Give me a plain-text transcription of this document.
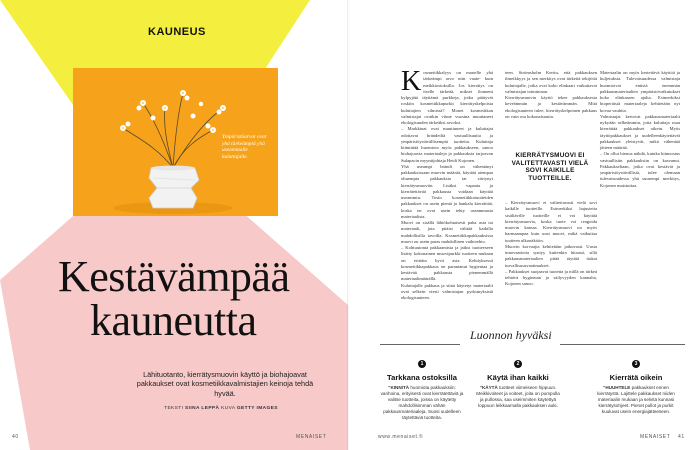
KAUNEUS
Ympäristöarvot ovat yhä tärkeämpiä yhä useammalle kuluttajalle.
Kestävämpää
kauneutta
Lähituotanto, kierrätysmuovin käyttö ja biohajoavat pakkaukset ovat kosmetiikkavalmistajien keinoja tehdä hyvää.
TEKSTI SIINA LEPPÄ KUVA GETTY IMAGES
40	MENAISET
K osmetiikkalyys on monelle yhä tärkeämpi arvo niin vaate- kuin meikkiostoksilla. Jos kierrätys on itselle tärkeää, miksei ilonneni kylpyjätä täyttämä purkkeja, jotka päätyvät roskiin kosmetiikkapurkit kierrätyskelpoisia kuluttajien silmissä? Monet kosmetiikan valmistajat ovatkin viime vuosina muuttaneet ekologisuuden tärkeäksi arvoksi.

– Markkinat ovat muuttuneet ja kuluttajat odottavat brändeiltä vastuullisuutta ja ympäristöystävällisempiä tuotteita. Kuluttaja kiinnittää huomiota myös pakkaukseen, sanoo biohajoavia materiaaleja ja pakkauksia tarjoavan Sulapacin myyntijohtaja Heidi Kojonen.

Yhä useampi brändi on vähentänyt pakkauksissaan muovin määrää, käyttää aiempaa ohuempia pakkauksia tai siirtynyt kierrätysmuoviin. Lisäksi vapaata ja kierrätettävää pakkausta voidaan käyttää useammin. Tosin kosmetiikkatuotteiden pakkaukset on usein pieniä ja hankala kierrättää, koska ne ovat usein tehty useammasta materiaalista.

Muovi on sisällä lähtökohtaisesti paha asia tai materiaali, jota pitäisi välttää kaikilla mahdollisilla tavoilla. Kosmetiikkapakkauksissa muovi on usein paras mahdollinen vaihtoehto.

– Kohtuutonta pakkaamista ja jaiksi tuotteeseen lisätty kokonainen muovipurkki tuotteen mukaan on erittäin hyvä asia. Kehityksessä kosmetiikkapakkaus on parantanut hygieniaa ja kestävää pakkausta pienemmällä materiaalimäärällä.

Kuluttajalle pakkaus ja siinä käytetyt materiaalit ovat selkein viesti valmistajan pyrkimyksistä ekologisuuteen.

teen. Strömsholm Kerttu, että pakkauksen ilmeikkyys ja sen merkitys ovat tärkeitä tekijöitä kuluttajalle, jotka ovat koko elinkaari vaikuttavat valmistajan toimintaan.

Kierrätysmuovin käyttö tekee pakkauksesta keveämmän ja kestävämmän. Mitä ekologisuuteen tulee, kierrätyskelpoinen pakkaus on vain osa kokonaisuutta.

KIERRÄTYSMUOVI EI VALITETTAVASTI VIELÄ SOVI KAIKILLE TUOTTEILLE.

– Kierrätysmuovi ei valitettavasti vielä sovi kaikille tuotteille. Esimerkiksi hajusteita sisältäville tuotteille ei voi käyttää kierrätysmuovia, koska tuote voi reagoida muovin kanssa. Kierrätysmuovi on myös harmaampaa kuin uusi muovi, mikä vaikuttaa tuotteen ulkonäköön.

Muovin korvaajia kehitetään jatkuvasti. Uusia innovaatioita syntyy kuitenkin hitaasti, sillä pakkausmateriaalien pitää täyttää tiukat turvallisuusvaatimukset.

– Pakkaukset suojaavat tuotetta ja niillä on tärkeä tehtävä hygienian ja säilyvyyden kannalta, Kojonen sanoo.

Materiaalin on myös kestettävä käyttöä ja kuljetuksia. Tulevaisuudessa valmistaja huomioivat entistä enemmän pakkausmateriaalien ympäristövaikutukset koko elinkaaren ajalta. Esimerkiksi bioperäisiä materiaaleja kehitetään nyt kovaa vauhtia.

Valmistajat kertovat pakkausmateriaalit nykyään selkeämmin, jotta kuluttaja osaa kierrättää pakkaukset oikein. Myös täyttöpakkaukset ja uudelleenkäytettävät pakkaukset yleistyvät, mikä vähentää jätteen määrää.

– On ollut hienoa nähdä, kuinka kiinnostus vastuullisiin pakkauksiin on kasvanut. Pakkaukseltaan, jotka ovat kestäviä ja ympäristöystävällisiä, tulee olemaan tulevaisuudessa yhä suurempi merkitys, Kojonen muistuttaa.

Luonnon hyväksi
1
Tarkkana ostoksilla
“KINNITÄ huomiota pakkauksiin: vanhoina, erityisesti ovat kierrätettäviä ja valitse tuotteita, joissa on käytetty mahdollisimman vähän pakkausmateriaaleja. Suosi uudelleen täytettäviä tuotteita.
2
Käytä ihan kaikki
“KÄYTÄ tuotteet viimeiseen hippuun. Meikkivoiteet ja voiteet, joita on pumpulla ja pullossa, saa useimmiten käytettyä loppuun leikkaamalla pakkauksen auki.
3
Kierrätä oikein
“HUUHTELE pakkaukset ennen kierrätystä. Lajittele pakkaukset niiden materiaalin mukaan ja selvitä kunnasi kierrätysohjeet. Pienet pullot ja purkit kuuluvat usein energiajätteeseen.
www.menaiset.fi	MENAISET 41
